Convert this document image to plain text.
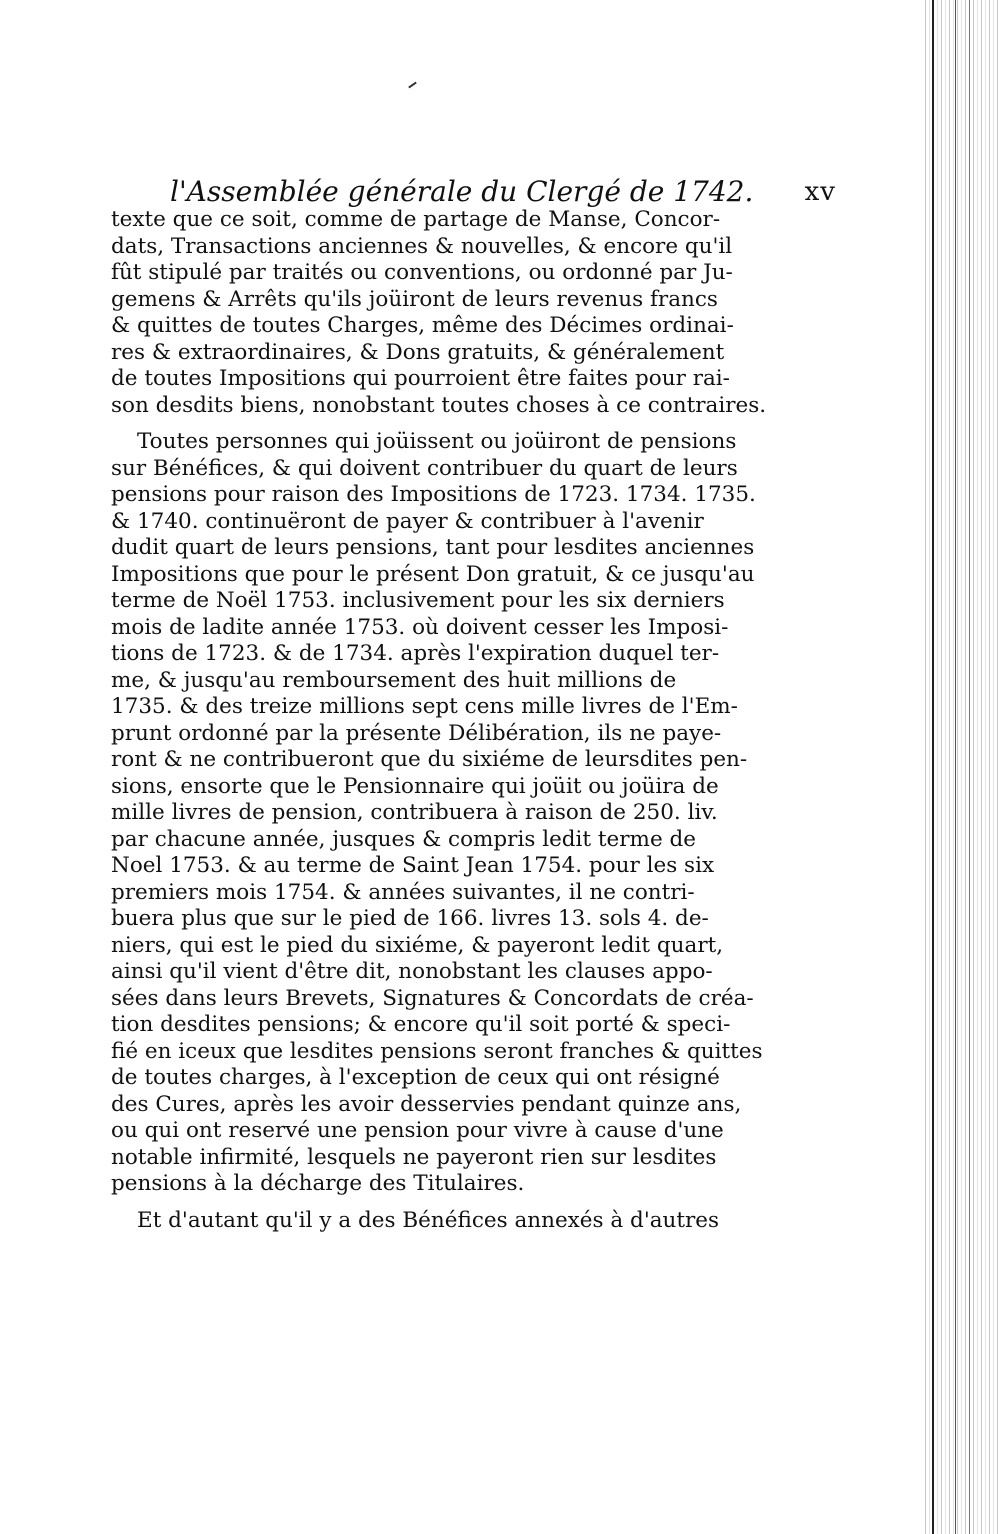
l'Assemblée générale du Clergé de 1742. xv
texte que ce soit, comme de partage de Manse, Concor-
dats, Transactions anciennes & nouvelles, & encore qu'il
fût stipulé par traités ou conventions, ou ordonné par Ju-
gemens & Arrêts qu'ils joüiront de leurs revenus francs
& quittes de toutes Charges, même des Décimes ordinai-
res & extraordinaires, & Dons gratuits, & généralement
de toutes Impositions qui pourroient être faites pour rai-
son desdits biens, nonobstant toutes choses à ce contraires.
Toutes personnes qui joüissent ou joüiront de pensions
sur Bénéfices, & qui doivent contribuer du quart de leurs
pensions pour raison des Impositions de 1723. 1734. 1735.
& 1740. continuëront de payer & contribuer à l'avenir
dudit quart de leurs pensions, tant pour lesdites anciennes
Impositions que pour le présent Don gratuit, & ce jusqu'au
terme de Noël 1753. inclusivement pour les six derniers
mois de ladite année 1753. où doivent cesser les Imposi-
tions de 1723. & de 1734. après l'expiration duquel ter-
me, & jusqu'au remboursement des huit millions de
1735. & des treize millions sept cens mille livres de l'Em-
prunt ordonné par la présente Délibération, ils ne paye-
ront & ne contribueront que du sixiéme de leursdites pen-
sions, ensorte que le Pensionnaire qui joüit ou joüira de
mille livres de pension, contribuera à raison de 250. liv.
par chacune année, jusques & compris ledit terme de
Noel 1753. & au terme de Saint Jean 1754. pour les six
premiers mois 1754. & années suivantes, il ne contri-
buera plus que sur le pied de 166. livres 13. sols 4. de-
niers, qui est le pied du sixiéme, & payeront ledit quart,
ainsi qu'il vient d'être dit, nonobstant les clauses appo-
sées dans leurs Brevets, Signatures & Concordats de créa-
tion desdites pensions; & encore qu'il soit porté & speci-
fié en iceux que lesdites pensions seront franches & quittes
de toutes charges, à l'exception de ceux qui ont résigné
des Cures, après les avoir desservies pendant quinze ans,
ou qui ont reservé une pension pour vivre à cause d'une
notable infirmité, lesquels ne payeront rien sur lesdites
pensions à la décharge des Titulaires.
Et d'autant qu'il y a des Bénéfices annexés à d'autres
